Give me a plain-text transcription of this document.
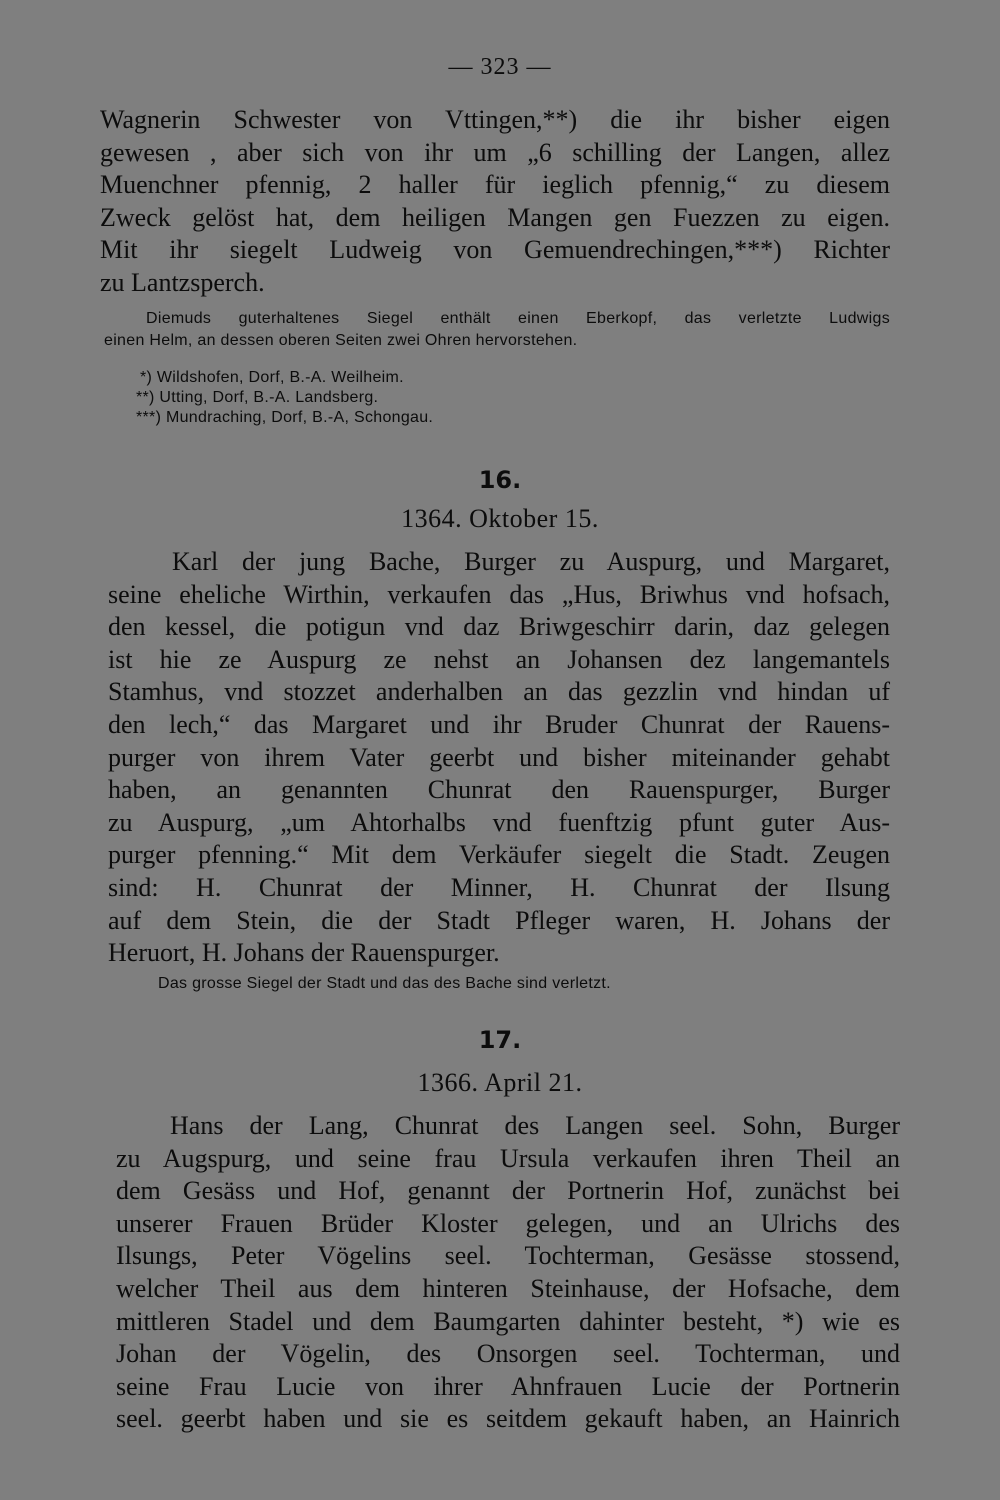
— 323 —
Wagnerin Schwester von Vttingen,**) die ihr bisher eigen
gewesen , aber sich von ihr um „6 schilling der Langen, allez
Muenchner pfennig, 2 haller für ieglich pfennig,“ zu diesem
Zweck gelöst hat, dem heiligen Mangen gen Fuezzen zu eigen.
Mit ihr siegelt Ludweig von Gemuendrechingen,***) Richter
zu Lantzsperch.
Diemuds guterhaltenes Siegel enthält einen Eberkopf, das verletzte Ludwigs
einen Helm, an dessen oberen Seiten zwei Ohren hervorstehen.
*) Wildshofen, Dorf, B.-A. Weilheim.
**) Utting, Dorf, B.-A. Landsberg.
***) Mundraching, Dorf, B.-A, Schongau.
16.
1364. Oktober 15.
Karl der jung Bache, Burger zu Auspurg, und Margaret,
seine eheliche Wirthin, verkaufen das „Hus, Briwhus vnd hofsach,
den kessel, die potigun vnd daz Briwgeschirr darin, daz gelegen
ist hie ze Auspurg ze nehst an Johansen dez langemantels
Stamhus, vnd stozzet anderhalben an das gezzlin vnd hindan uf
den lech,“ das Margaret und ihr Bruder Chunrat der Rauens-
purger von ihrem Vater geerbt und bisher miteinander gehabt
haben, an genannten Chunrat den Rauenspurger, Burger
zu Auspurg, „um Ahtorhalbs vnd fuenftzig pfunt guter Aus-
purger pfenning.“ Mit dem Verkäufer siegelt die Stadt. Zeugen
sind: H. Chunrat der Minner, H. Chunrat der Ilsung
auf dem Stein, die der Stadt Pfleger waren, H. Johans der
Heruort, H. Johans der Rauenspurger.
Das grosse Siegel der Stadt und das des Bache sind verletzt.
17.
1366. April 21.
Hans der Lang, Chunrat des Langen seel. Sohn, Burger
zu Augspurg, und seine frau Ursula verkaufen ihren Theil an
dem Gesäss und Hof, genannt der Portnerin Hof, zunächst bei
unserer Frauen Brüder Kloster gelegen, und an Ulrichs des
Ilsungs, Peter Vögelins seel. Tochterman, Gesässe stossend,
welcher Theil aus dem hinteren Steinhause, der Hofsache, dem
mittleren Stadel und dem Baumgarten dahinter besteht, *) wie es
Johan der Vögelin, des Onsorgen seel. Tochterman, und
seine Frau Lucie von ihrer Ahnfrauen Lucie der Portnerin
seel. geerbt haben und sie es seitdem gekauft haben, an Hainrich
